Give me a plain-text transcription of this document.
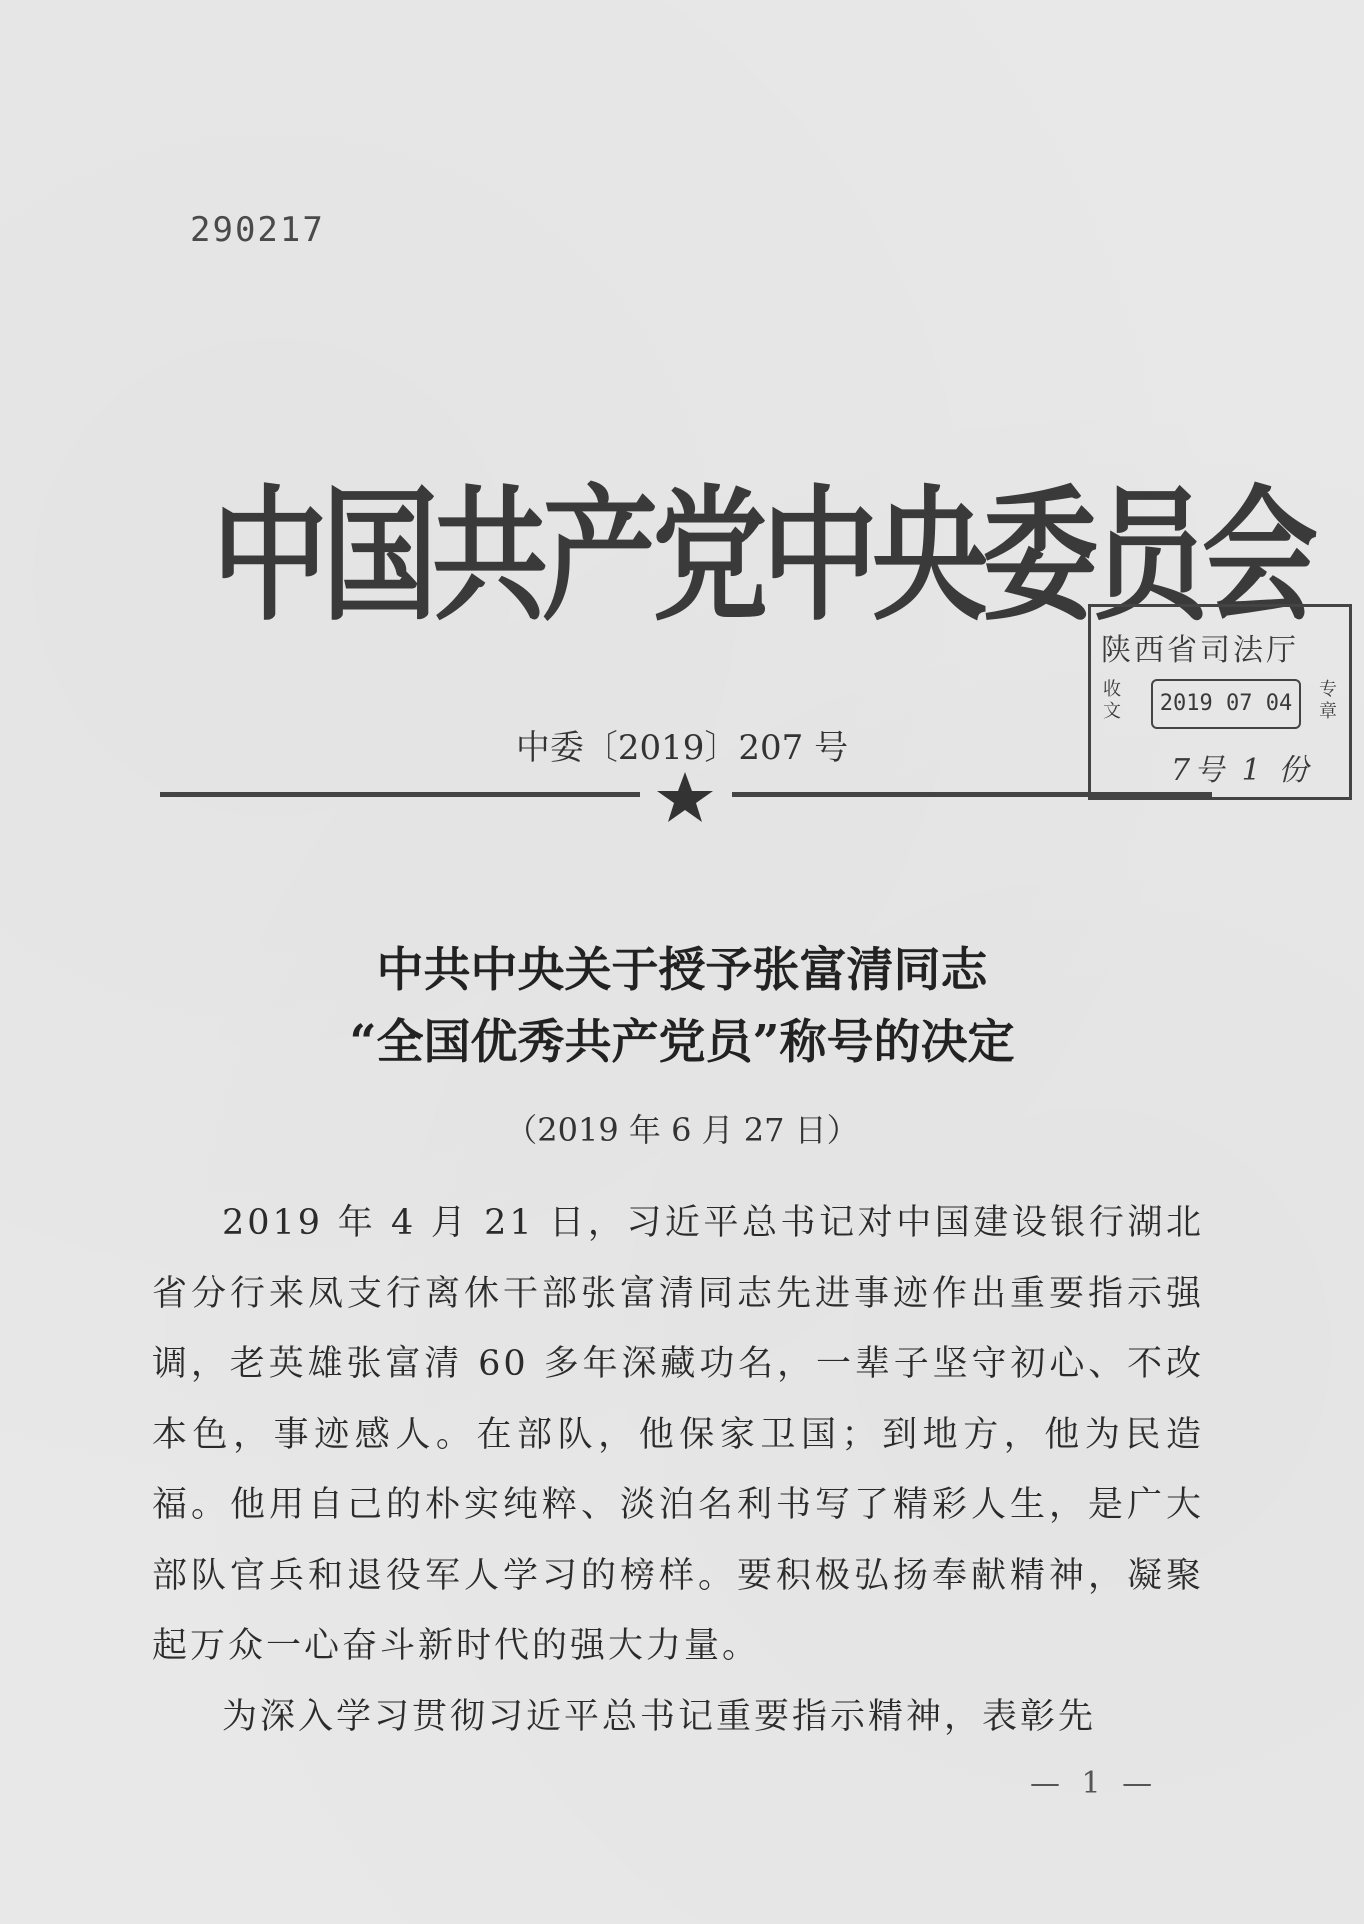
290217
中国共产党中央委员会
中委〔2019〕207 号
陕西省司法厅
收文	2019 07 04
专章
7号 1 份
中共中央关于授予张富清同志
“全国优秀共产党员”称号的决定
（2019 年 6 月 27 日）

2019 年 4 月 21 日，习近平总书记对中国建设银行湖北省分行来凤支行离休干部张富清同志先进事迹作出重要指示强调，老英雄张富清 60 多年深藏功名，一辈子坚守初心、不改本色，事迹感人。在部队，他保家卫国；到地方，他为民造福。他用自己的朴实纯粹、淡泊名利书写了精彩人生，是广大部队官兵和退役军人学习的榜样。要积极弘扬奉献精神，凝聚起万众一心奋斗新时代的强大力量。

为深入学习贯彻习近平总书记重要指示精神，表彰先

— 1 —
